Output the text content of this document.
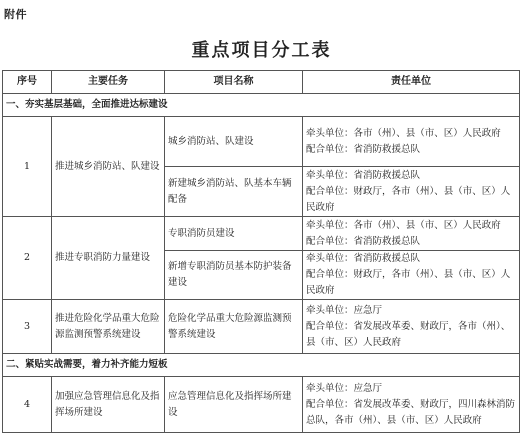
附件
重点项目分工表
序号	主要任务	项目名称	责任单位
一、夯实基层基础，全面推进达标建设			
1	推进城乡消防站、队建设	城乡消防站、队建设	牵头单位：各市（州）、县（市、区）人民政府
配合单位：省消防救援总队

		新建城乡消防站、队基本车辆配备	牵头单位：省消防救援总队
配合单位：财政厅，各市（州）、县（市、区）人民政府

2	推进专职消防力量建设	专职消防员建设	牵头单位：各市（州）、县（市、区）人民政府
配合单位：省消防救援总队

		新增专职消防员基本防护装备建设	牵头单位：省消防救援总队
配合单位：财政厅，各市（州）、县（市、区）人民政府

3	推进危险化学品重大危险源监测预警系统建设	危险化学品重大危险源监测预警系统建设	牵头单位：应急厅
配合单位：省发展改革委、财政厅，各市（州）、县（市、区）人民政府

二、紧贴实战需要，着力补齐能力短板			
4	加强应急管理信息化及指挥场所建设	应急管理信息化及指挥场所建设	牵头单位：应急厅
配合单位：省发展改革委、财政厅，四川森林消防总队，各市（州）、县（市、区）人民政府
